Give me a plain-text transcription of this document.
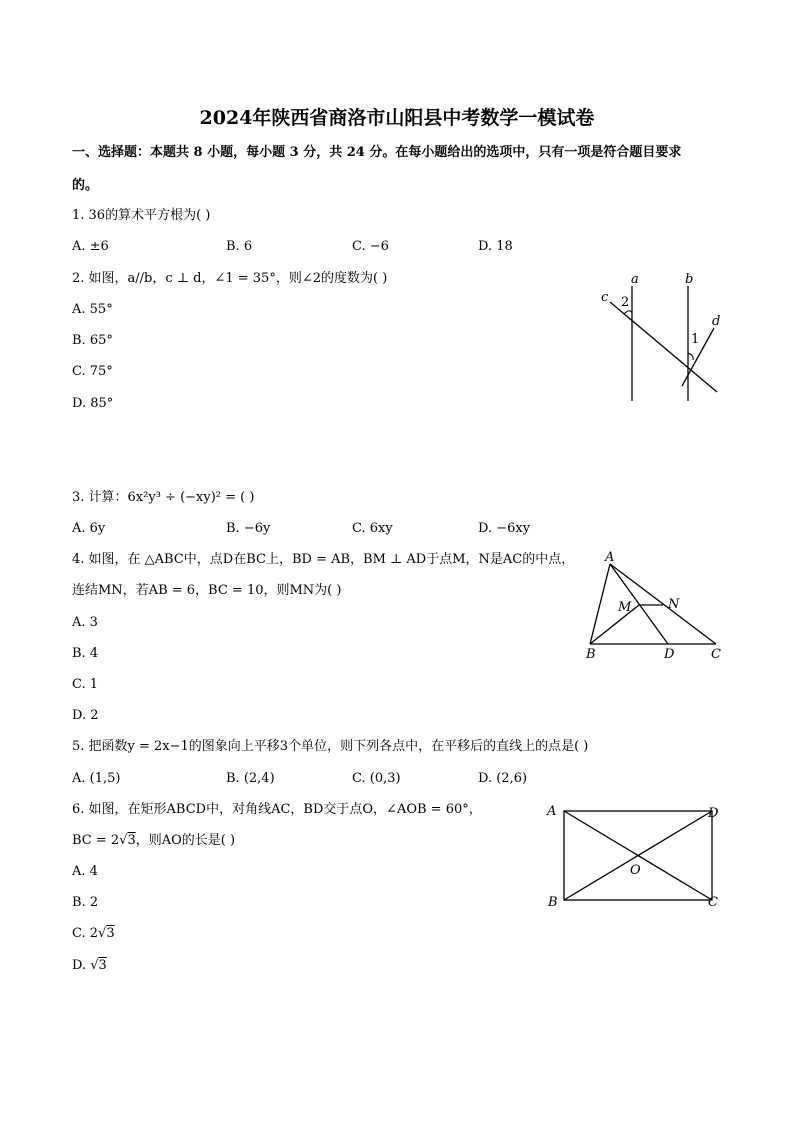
2024年陕西省商洛市山阳县中考数学一模试卷
一、选择题：本题共 8 小题，每小题 3 分，共 24 分。在每小题给出的选项中，只有一项是符合题目要求
的。
1. 36的算术平方根为( )
A. ±6	B. 6	C. −6	D. 18
2. 如图，a//b，c ⊥ d，∠1 = 35°，则∠2的度数为( )
A. 55°
B. 65°
C. 75°
D. 85°
a	b
c
d
2
1
3. 计算：6x²y³ ÷ (−xy)² = ( )
A. 6y	B. −6y	C. 6xy	D. −6xy
4. 如图，在 △ABC中，点D在BC上，BD = AB，BM ⊥ AD于点M，N是AC的中点，
连结MN，若AB = 6，BC = 10，则MN为( )
A. 3
B. 4
C. 1
D. 2
A
B	D	C
M	N
5. 把函数y = 2x−1的图象向上平移3个单位，则下列各点中，在平移后的直线上的点是( )
A. (1,5)	B. (2,4)	C. (0,3)	D. (2,6)
6. 如图，在矩形ABCD中，对角线AC，BD交于点O，∠AOB = 60°，
BC = 2√3，则AO的长是( )
A. 4
B. 2
C. 2√3
D. √3
A	D
B	C
O
